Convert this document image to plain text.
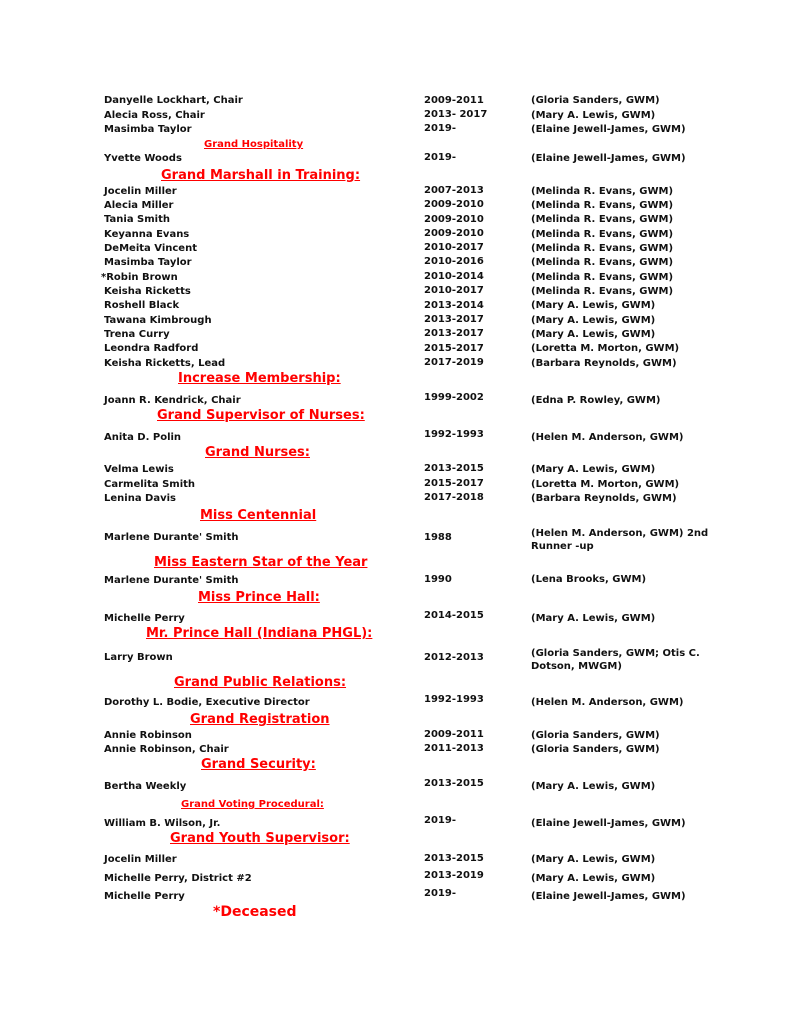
Danyelle Lockhart, Chair	2009-2011	(Gloria Sanders, GWM)
Alecia Ross, Chair	2013- 2017	(Mary A. Lewis, GWM)
Masimba Taylor	2019-	(Elaine Jewell-James, GWM)
Grand Hospitality
Yvette Woods	2019-	(Elaine Jewell-James, GWM)
Grand Marshall in Training:
Jocelin Miller	2007-2013	(Melinda R. Evans, GWM)
Alecia Miller	2009-2010	(Melinda R. Evans, GWM)
Tania Smith	2009-2010	(Melinda R. Evans, GWM)
Keyanna Evans	2009-2010	(Melinda R. Evans, GWM)
DeMeita Vincent	2010-2017	(Melinda R. Evans, GWM)
Masimba Taylor	2010-2016	(Melinda R. Evans, GWM)
*Robin Brown	2010-2014	(Melinda R. Evans, GWM)
Keisha Ricketts	2010-2017	(Melinda R. Evans, GWM)
Roshell Black	2013-2014	(Mary A. Lewis, GWM)
Tawana Kimbrough	2013-2017	(Mary A. Lewis, GWM)
Trena Curry	2013-2017	(Mary A. Lewis, GWM)
Leondra Radford	2015-2017	(Loretta M. Morton, GWM)
Keisha Ricketts, Lead	2017-2019	(Barbara Reynolds, GWM)
Increase Membership:
Joann R. Kendrick, Chair	1999-2002	(Edna P. Rowley, GWM)
Grand Supervisor of Nurses:
Anita D. Polin	1992-1993	(Helen M. Anderson, GWM)
Grand Nurses:
Velma Lewis	2013-2015	(Mary A. Lewis, GWM)
Carmelita Smith	2015-2017	(Loretta M. Morton, GWM)
Lenina Davis	2017-2018	(Barbara Reynolds, GWM)
Miss Centennial
Marlene Durante' Smith	1988	(Helen M. Anderson, GWM) 2nd Runner -up
Miss Eastern Star of the Year
Marlene Durante' Smith	1990	(Lena Brooks, GWM)
Miss Prince Hall:
Michelle Perry	2014-2015	(Mary A. Lewis, GWM)
Mr. Prince Hall (Indiana PHGL):
Larry Brown	2012-2013	(Gloria Sanders, GWM; Otis C. Dotson, MWGM)
Grand Public Relations:
Dorothy L. Bodie, Executive Director	1992-1993	(Helen M. Anderson, GWM)
Grand Registration
Annie Robinson	2009-2011	(Gloria Sanders, GWM)
Annie Robinson, Chair	2011-2013	(Gloria Sanders, GWM)
Grand Security:
Bertha Weekly	2013-2015	(Mary A. Lewis, GWM)
Grand Voting Procedural:
William B. Wilson, Jr.	2019-	(Elaine Jewell-James, GWM)
Grand Youth Supervisor:
Jocelin Miller	2013-2015	(Mary A. Lewis, GWM)
Michelle Perry, District #2	2013-2019	(Mary A. Lewis, GWM)
Michelle Perry	2019-	(Elaine Jewell-James, GWM)
*Deceased
